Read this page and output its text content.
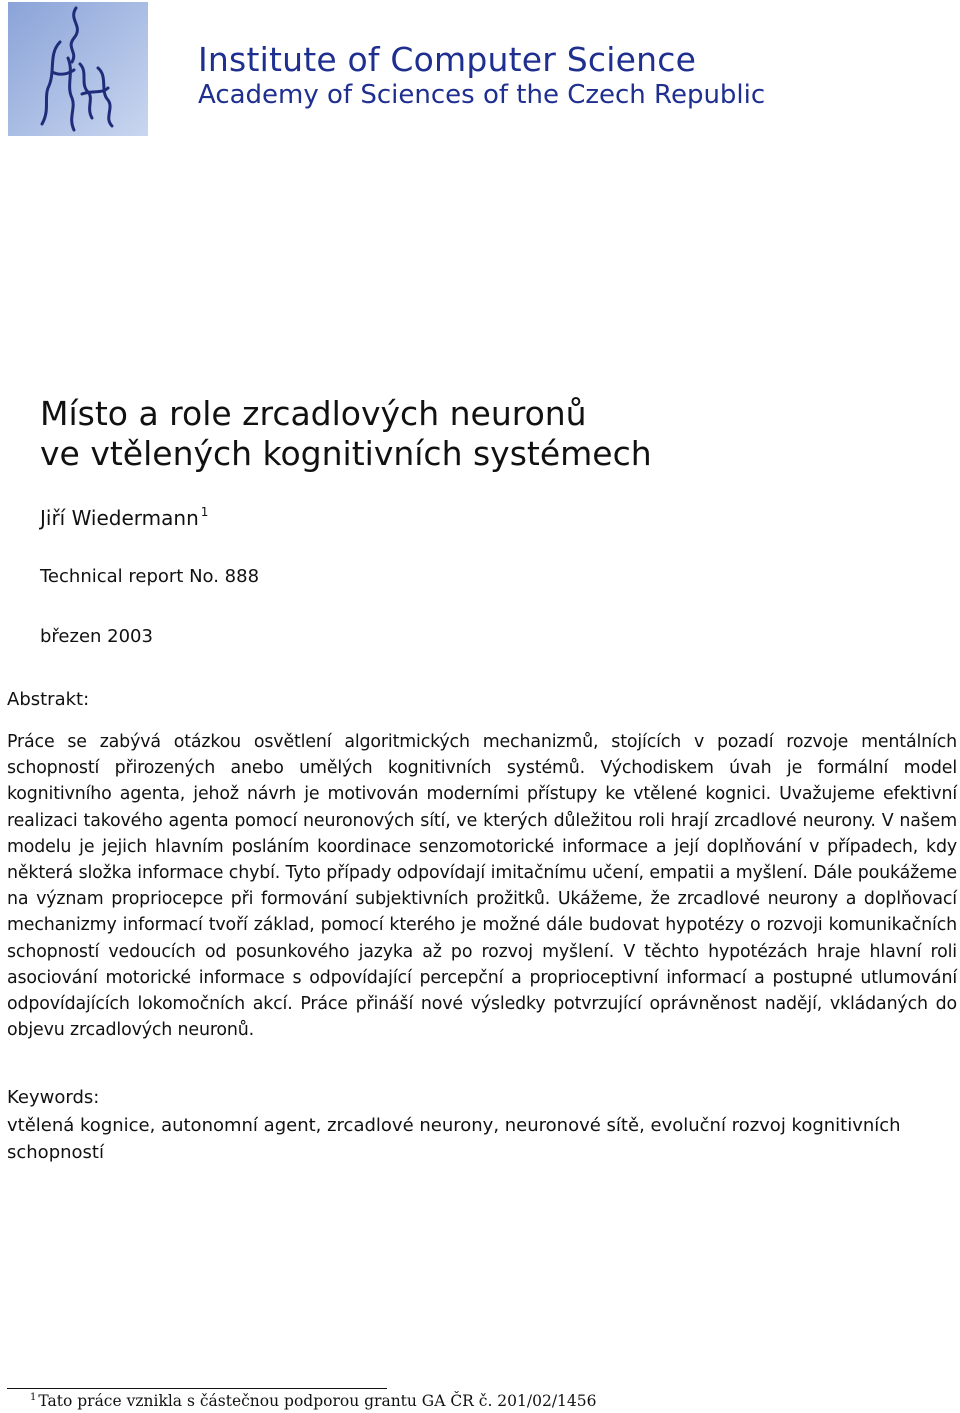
Institute of Computer Science
Academy of Sciences of the Czech Republic
Místo a role zrcadlových neuronů
ve vtělených kognitivních systémech
Jiří Wiedermann $^1$
Technical report No. 888
březen 2003
Abstrakt:
Práce se zabývá otázkou osvětlení algoritmických mechanizmů, stojících v pozadí rozvoje mentálních schopností přirozených anebo umělých kognitivních systémů. Východiskem úvah je formální model kognitivního agenta, jehož návrh je motivován moderními přístupy ke vtělené kognici. Uvažujeme efektivní realizaci takového agenta pomocí neuronových sítí, ve kterých důležitou roli hrají zrcadlové neurony. V našem modelu je jejich hlavním posláním koordinace senzomotorické informace a její doplňování v případech, kdy některá složka informace chybí. Tyto případy odpovídají imitačnímu učení, empatii a myšlení. Dále poukážeme na význam propriocepce při formování subjektivních prožitků. Ukážeme, že zrcadlové neurony a doplňovací mechanizmy informací tvoří základ, pomocí kterého je možné dále budovat hypotézy o rozvoji komunikačních schopností vedoucích od posunkového jazyka až po rozvoj myšlení. V těchto hypotézách hraje hlavní roli asociování motorické informace s odpovídající percepční a proprioceptivní informací a postupné utlumování odpovídajících lokomočních akcí. Práce přináší nové výsledky potvrzující oprávněnost nadějí, vkládaných do objevu zrcadlových neuronů.
Keywords:
vtělená kognice, autonomní agent, zrcadlové neurony, neuronové sítě, evoluční rozvoj kognitivních schopností
$^1$ Tato práce vznikla s částečnou podporou grantu GA ČR č. 201/02/1456
